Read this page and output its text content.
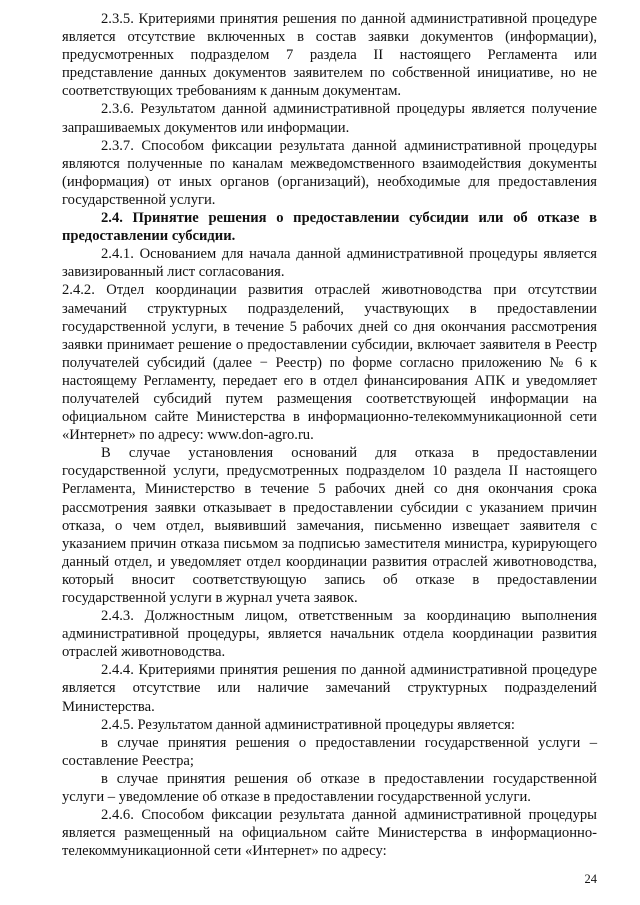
2.3.5. Критериями принятия решения по данной административной процедуре является отсутствие включенных в состав заявки документов (информации), предусмотренных подразделом 7 раздела II настоящего Регламента или представление данных документов заявителем по собственной инициативе, но не соответствующих требованиям к данным документам.

2.3.6. Результатом данной административной процедуры является получение запрашиваемых документов или информации.

2.3.7. Способом фиксации результата данной административной процедуры являются полученные по каналам межведомственного взаимодействия документы (информация) от иных органов (организаций), необходимые для предоставления государственной услуги.

2.4. Принятие решения о предоставлении субсидии или об отказе в предоставлении субсидии.

2.4.1. Основанием для начала данной административной процедуры является завизированный лист согласования.

2.4.2. Отдел координации развития отраслей животноводства при отсутствии замечаний структурных подразделений, участвующих в предоставлении государственной услуги, в течение 5 рабочих дней со дня окончания рассмотрения заявки принимает решение о предоставлении субсидии, включает заявителя в Реестр получателей субсидий (далее − Реестр) по форме согласно приложению № 6 к настоящему Регламенту, передает его в отдел финансирования АПК и уведомляет получателей субсидий путем размещения соответствующей информации на официальном сайте Министерства в информационно-телекоммуникационной сети «Интернет» по адресу: www.don-agro.ru.

В случае установления оснований для отказа в предоставлении государственной услуги, предусмотренных подразделом 10 раздела II настоящего Регламента, Министерство в течение 5 рабочих дней со дня окончания срока рассмотрения заявки отказывает в предоставлении субсидии с указанием причин отказа, о чем отдел, выявивший замечания, письменно извещает заявителя с указанием причин отказа письмом за подписью заместителя министра, курирующего данный отдел, и уведомляет отдел координации развития отраслей животноводства, который вносит соответствующую запись об отказе в предоставлении государственной услуги в журнал учета заявок.

2.4.3. Должностным лицом, ответственным за координацию выполнения административной процедуры, является начальник отдела координации развития отраслей животноводства.

2.4.4. Критериями принятия решения по данной административной процедуре является отсутствие или наличие замечаний структурных подразделений Министерства.

2.4.5. Результатом данной административной процедуры является:

в случае принятия решения о предоставлении государственной услуги – составление Реестра;

в случае принятия решения об отказе в предоставлении государственной услуги – уведомление об отказе в предоставлении государственной услуги.

2.4.6. Способом фиксации результата данной административной процедуры является размещенный на официальном сайте Министерства в информационно-телекоммуникационной сети «Интернет» по адресу:

24
